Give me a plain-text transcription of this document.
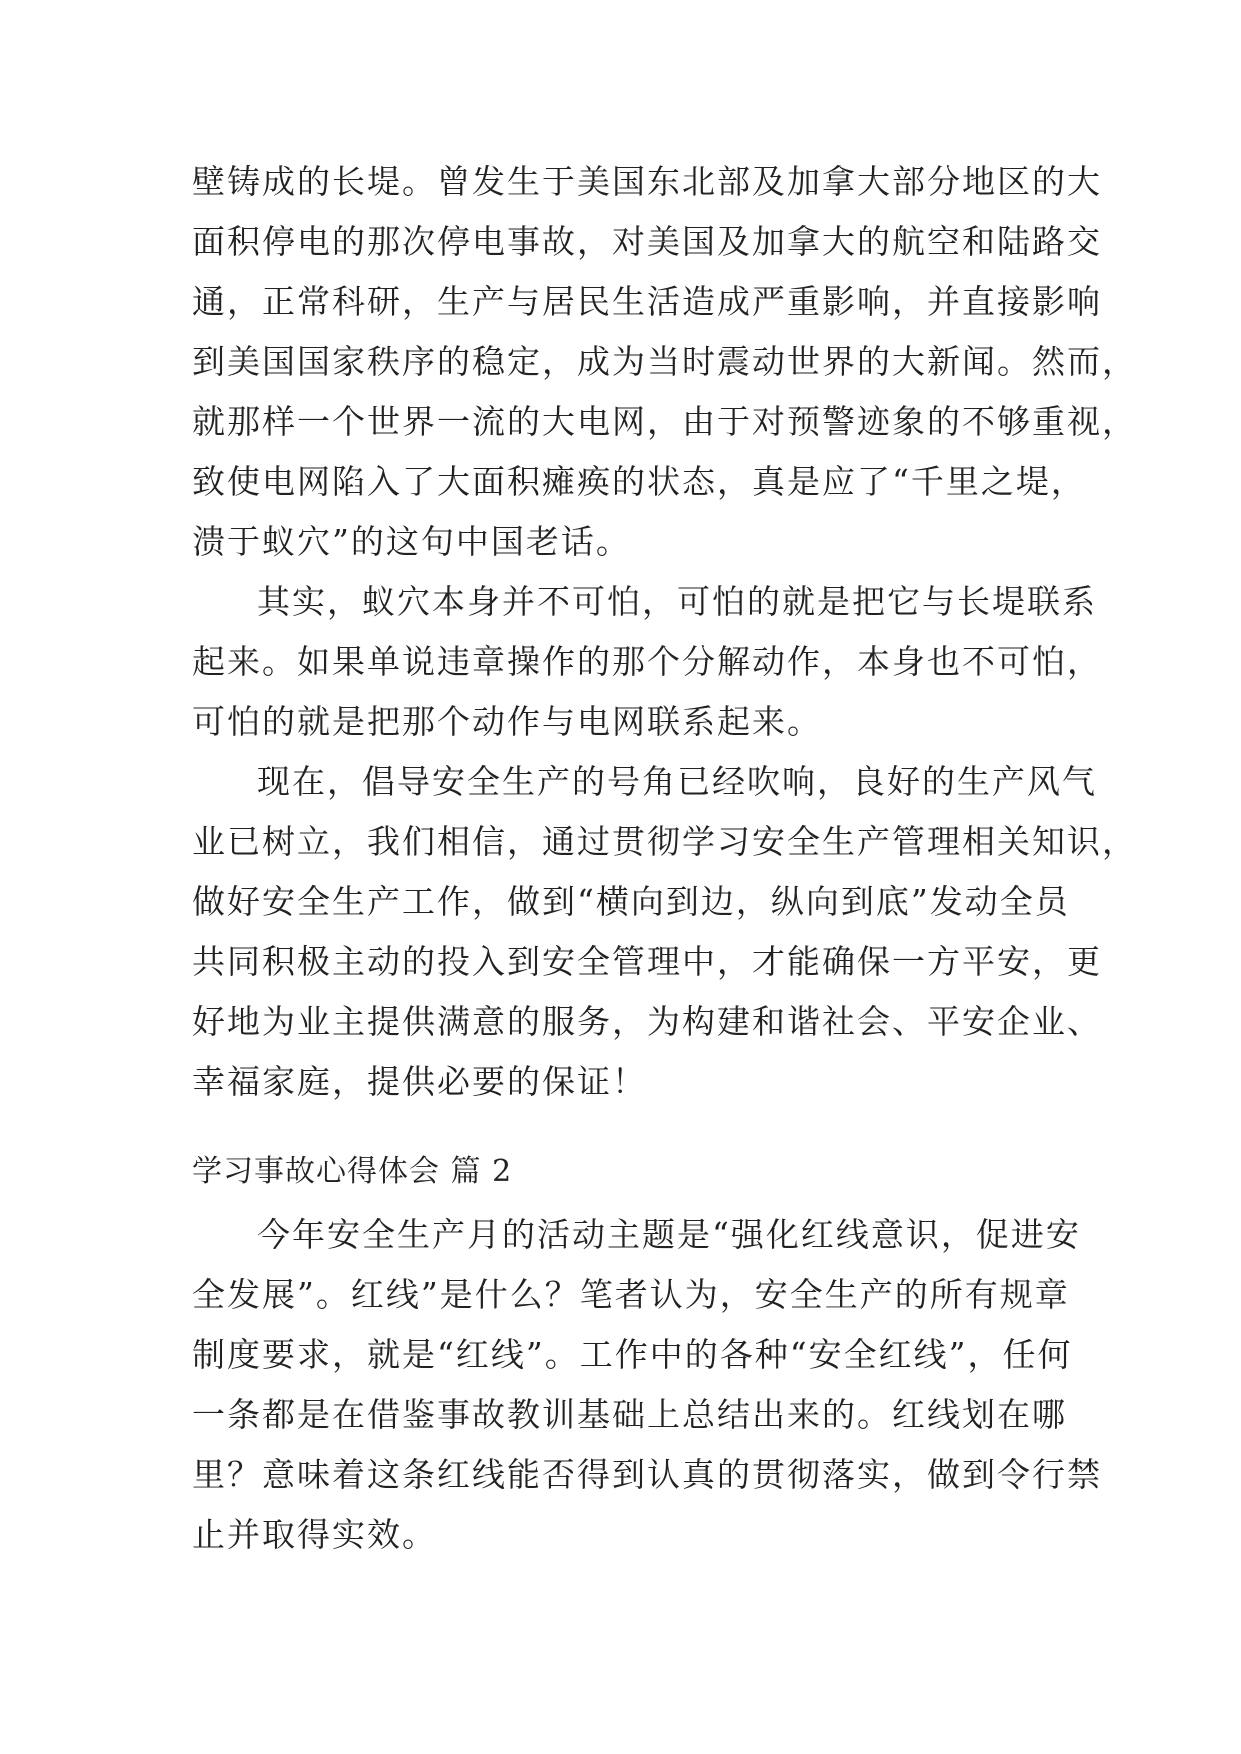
壁铸成的长堤。曾发生于美国东北部及加拿大部分地区的大
面积停电的那次停电事故，对美国及加拿大的航空和陆路交
通，正常科研，生产与居民生活造成严重影响，并直接影响
到美国国家秩序的稳定，成为当时震动世界的大新闻。然而，
就那样一个世界一流的大电网，由于对预警迹象的不够重视，
致使电网陷入了大面积瘫痪的状态，真是应了“千里之堤，
溃于蚁穴”的这句中国老话。
其实，蚁穴本身并不可怕，可怕的就是把它与长堤联系
起来。如果单说违章操作的那个分解动作，本身也不可怕，
可怕的就是把那个动作与电网联系起来。
现在，倡导安全生产的号角已经吹响，良好的生产风气
业已树立，我们相信，通过贯彻学习安全生产管理相关知识，
做好安全生产工作，做到“横向到边，纵向到底”发动全员
共同积极主动的投入到安全管理中，才能确保一方平安，更
好地为业主提供满意的服务，为构建和谐社会、平安企业、
幸福家庭，提供必要的保证！
学习事故心得体会 篇 2
今年安全生产月的活动主题是“强化红线意识，促进安
全发展”。红线”是什么？笔者认为，安全生产的所有规章
制度要求，就是“红线”。工作中的各种“安全红线”，任何
一条都是在借鉴事故教训基础上总结出来的。红线划在哪
里？意味着这条红线能否得到认真的贯彻落实，做到令行禁
止并取得实效。
